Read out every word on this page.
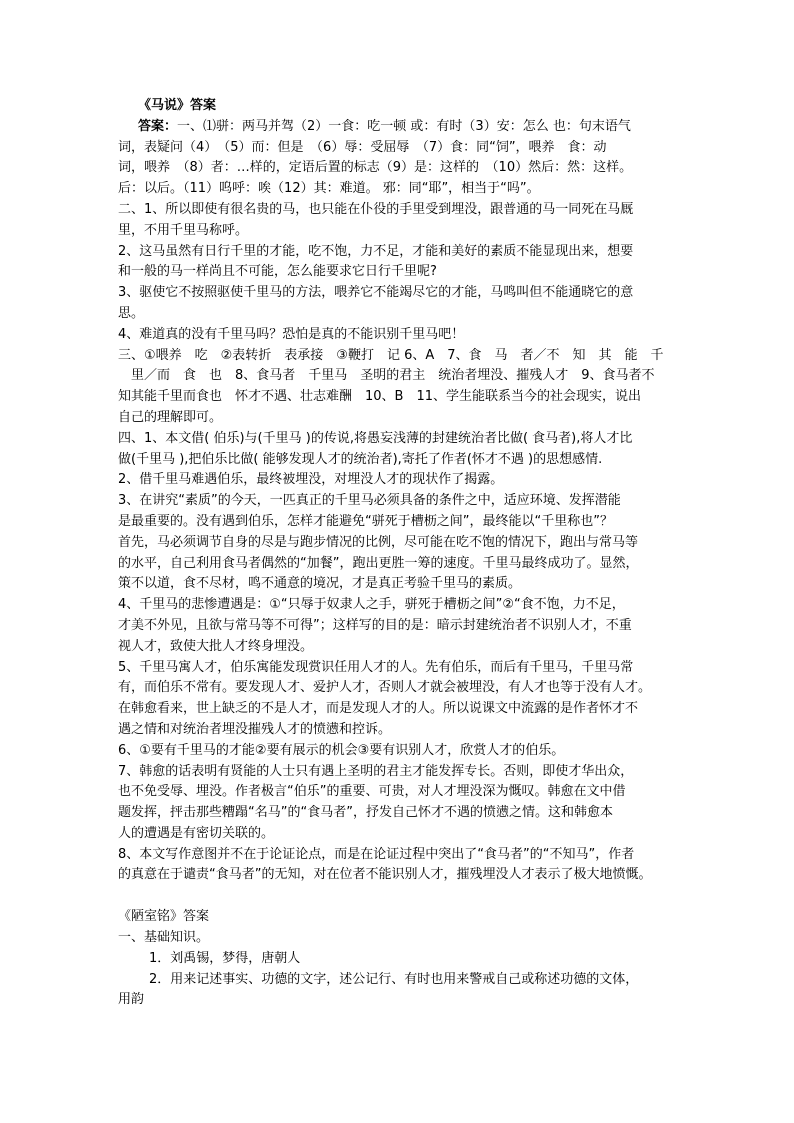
《马说》答案
答案：一、⑴骈：两马并驾（2）一食：吃一顿 或：有时（3）安：怎么 也：句末语气
词，表疑问（4）　（5）而：但是　（6）辱：受屈辱　（7）食：同“饲”，喂养　食：动
词，喂养　（8）者：…样的，定语后置的标志（9）是：这样的　（10）然后：然：这样。
后：以后。（11）呜呼：唉（12）其：难道。 邪：同“耶”，相当于“吗”。
二、1、所以即使有很名贵的马，也只能在仆役的手里受到埋没，跟普通的马一同死在马厩
里，不用千里马称呼。
2、这马虽然有日行千里的才能，吃不饱，力不足，才能和美好的素质不能显现出来，想要
和一般的马一样尚且不可能，怎么能要求它日行千里呢?
3、驱使它不按照驱使千里马的方法，喂养它不能竭尽它的才能，马鸣叫但不能通晓它的意
思。
4、难道真的没有千里马吗？恐怕是真的不能识别千里马吧！
三、①喂养　吃　②表转折　表承接　③鞭打　记 6、A　7、食　马　者／不　知　其　能　千
　里／而　食　也　8、食马者　千里马　圣明的君主　统治者埋没、摧残人才　9、食马者不
知其能千里而食也　怀才不遇、壮志难酬　10、B　11、学生能联系当今的社会现实，说出
自己的理解即可。
四、1、本文借( 伯乐)与(千里马 )的传说,将愚妄浅薄的封建统治者比做( 食马者),将人才比
做(千里马 ),把伯乐比做( 能够发现人才的统治者),寄托了作者(怀才不遇 )的思想感情.
2、借千里马难遇伯乐，最终被埋没，对埋没人才的现状作了揭露。
3、在讲究“素质”的今天，一匹真正的千里马必须具备的条件之中，适应环境、发挥潜能
是最重要的。没有遇到伯乐，怎样才能避免“骈死于槽枥之间”，最终能以“千里称也”？
首先，马必须调节自身的尽是与跑步情况的比例，尽可能在吃不饱的情况下，跑出与常马等
的水平，自己利用食马者偶然的“加餐”，跑出更胜一筹的速度。千里马最终成功了。显然，
策不以道，食不尽材，鸣不通意的境况，才是真正考验千里马的素质。
4、千里马的悲惨遭遇是：①“只辱于奴隶人之手，骈死于槽枥之间”②“食不饱，力不足，
才美不外见，且欲与常马等不可得”；这样写的目的是：暗示封建统治者不识别人才，不重
视人才，致使大批人才终身埋没。
5、千里马寓人才，伯乐寓能发现赏识任用人才的人。先有伯乐，而后有千里马，千里马常
有，而伯乐不常有。要发现人才、爱护人才，否则人才就会被埋没，有人才也等于没有人才。
在韩愈看来，世上缺乏的不是人才，而是发现人才的人。所以说课文中流露的是作者怀才不
遇之情和对统治者埋没摧残人才的愤懑和控诉。
6、①要有千里马的才能②要有展示的机会③要有识别人才，欣赏人才的伯乐。
7、韩愈的话表明有贤能的人士只有遇上圣明的君主才能发挥专长。否则，即使才华出众，
也不免受辱、埋没。作者极言“伯乐”的重要、可贵，对人才埋没深为慨叹。韩愈在文中借
题发挥，抨击那些糟蹋“名马”的“食马者”，抒发自己怀才不遇的愤懑之情。这和韩愈本
人的遭遇是有密切关联的。
8、本文写作意图并不在于论证论点，而是在论证过程中突出了“食马者”的“不知马”，作者
的真意在于谴责“食马者”的无知，对在位者不能识别人才，摧残埋没人才表示了极大地愤慨。
《陋室铭》答案
一、基础知识。
1．刘禹锡，梦得，唐朝人
2．用来记述事实、功德的文字，述公记行、有时也用来警戒自己或称述功德的文体，
用韵
